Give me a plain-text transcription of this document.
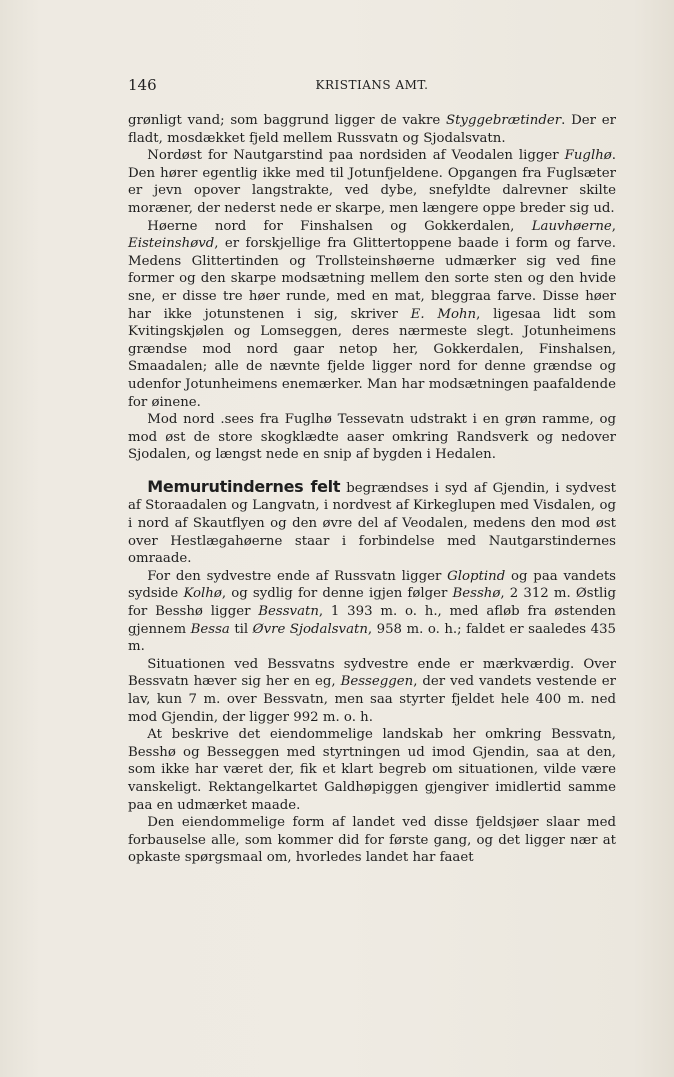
146	KRISTIANS AMT.

grønligt vand; som baggrund ligger de vakre Styggebrætinder. Der er fladt, mosdækket fjeld mellem Russvatn og Sjodalsvatn.

Nordøst for Nautgarstind paa nordsiden af Veodalen ligger Fuglhø. Den hører egentlig ikke med til Jotunfjeldene. Opgangen fra Fuglsæter er jevn opover langstrakte, ved dybe, snefyldte dalrevner skilte moræner, der nederst nede er skarpe, men længere oppe breder sig ud.

Høerne nord for Finshalsen og Gokkerdalen, Lauvhøerne, Eisteinshøvd, er forskjellige fra Glittertoppene baade i form og farve. Medens Glittertinden og Trollsteinshøerne udmærker sig ved fine former og den skarpe modsætning mellem den sorte sten og den hvide sne, er disse tre høer runde, med en mat, bleggraa farve. Disse høer har ikke jotunstenen i sig, skriver E. Mohn, ligesaa lidt som Kvitingskjølen og Lomseggen, deres nærmeste slegt. Jotunheimens grændse mod nord gaar netop her, Gokkerdalen, Finshalsen, Smaadalen; alle de nævnte fjelde ligger nord for denne grændse og udenfor Jotunheimens enemærker. Man har modsætningen paafaldende for øinene.

Mod nord .sees fra Fuglhø Tessevatn udstrakt i en grøn ramme, og mod øst de store skogklædte aaser omkring Randsverk og nedover Sjodalen, og længst nede en snip af bygden i Hedalen.

Memurutindernes felt begrændses i syd af Gjendin, i sydvest af Storaadalen og Langvatn, i nordvest af Kirkeglupen med Visdalen, og i nord af Skautflyen og den øvre del af Veodalen, medens den mod øst over Hestlægahøerne staar i forbindelse med Nautgarstindernes omraade.

For den sydvestre ende af Russvatn ligger Gloptind og paa vandets sydside Kolhø, og sydlig for denne igjen følger Besshø, 2 312 m. Østlig for Besshø ligger Bessvatn, 1 393 m. o. h., med afløb fra østenden gjennem Bessa til Øvre Sjodalsvatn, 958 m. o. h.; faldet er saaledes 435 m.

Situationen ved Bessvatns sydvestre ende er mærkværdig. Over Bessvatn hæver sig her en eg, Besseggen, der ved vandets vestende er lav, kun 7 m. over Bessvatn, men saa styrter fjeldet hele 400 m. ned mod Gjendin, der ligger 992 m. o. h.

At beskrive det eiendommelige landskab her omkring Bessvatn, Besshø og Besseggen med styrtningen ud imod Gjendin, saa at den, som ikke har været der, fik et klart begreb om situationen, vilde være vanskeligt. Rektangelkartet Galdhøpiggen gjengiver imidlertid samme paa en udmærket maade.

Den eiendommelige form af landet ved disse fjeldsjøer slaar med forbauselse alle, som kommer did for første gang, og det ligger nær at opkaste spørgsmaal om, hvorledes landet har faaet
